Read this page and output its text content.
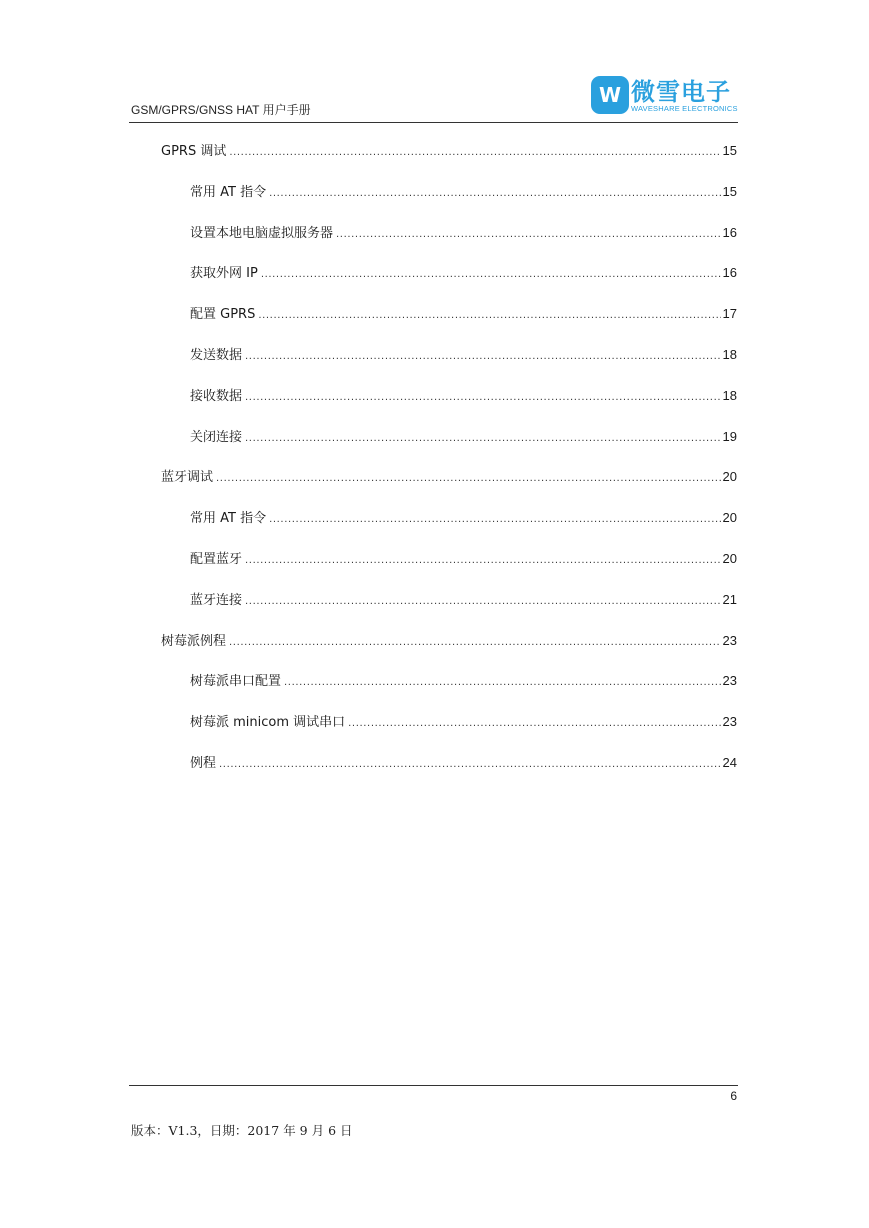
GSM/GPRS/GNSS HAT 用户手册
W 微雪电子
WAVESHARE ELECTRONICS
GPRS 调试 .....	15
常用 AT 指令 .....	15
设置本地电脑虚拟服务器 .....	16
获取外网 IP .....	16
配置 GPRS .....	17
发送数据 .....	18
接收数据 .....	18
关闭连接 .....	19
蓝牙调试 .....	20
常用 AT 指令 .....	20
配置蓝牙 .....	20
蓝牙连接 .....	21
树莓派例程 .....	23
树莓派串口配置 .....	23
树莓派 minicom 调试串口 .....	23
例程 .....	24
6
版本：V1.3，日期：2017 年 9 月 6 日
